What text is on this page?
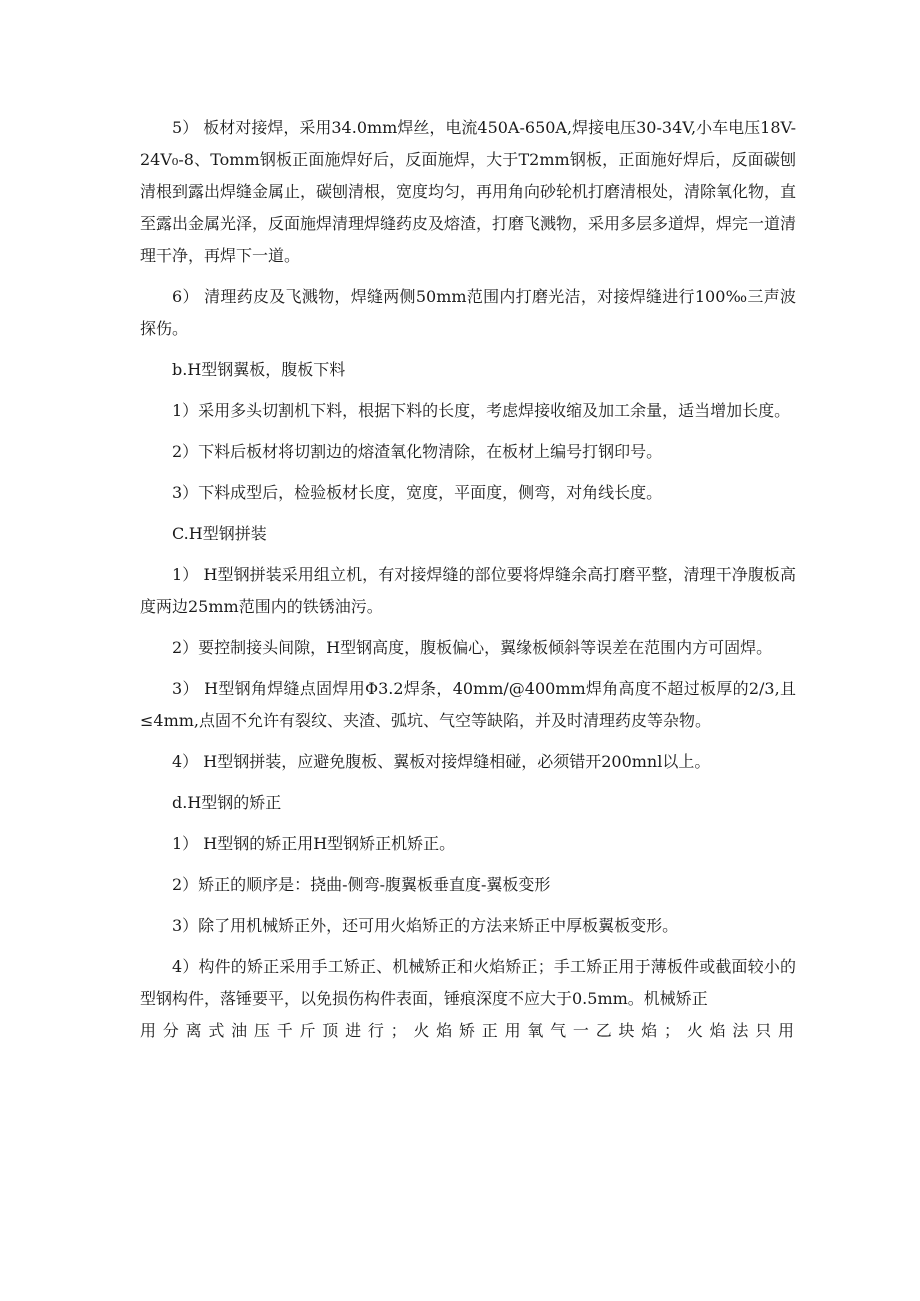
5） 板材对接焊，采用34.0mm焊丝，电流450A-650A,焊接电压30-34V,小车电压18V-24V₀-8、Tomm钢板正面施焊好后，反面施焊，大于T2mm钢板，正面施好焊后，反面碳刨清根到露出焊缝金属止，碳刨清根，宽度均匀，再用角向砂轮机打磨清根处，清除氧化物，直至露出金属光泽，反面施焊清理焊缝药皮及熔渣，打磨飞溅物，采用多层多道焊，焊完一道清理干净，再焊下一道。

6） 清理药皮及飞溅物，焊缝两侧50mm范围内打磨光洁，对接焊缝进行100‰三声波探伤。

b.H型钢翼板，腹板下料

1）采用多头切割机下料，根据下料的长度，考虑焊接收缩及加工余量，适当增加长度。

2）下料后板材将切割边的熔渣氧化物清除，在板材上编号打钢印号。

3）下料成型后，检验板材长度，宽度，平面度，侧弯，对角线长度。

C.H型钢拼装

1） H型钢拼装采用组立机，有对接焊缝的部位要将焊缝余高打磨平整，清理干净腹板高度两边25mm范围内的铁锈油污。

2）要控制接头间隙，H型钢高度，腹板偏心，翼缘板倾斜等误差在范围内方可固焊。

3） H型钢角焊缝点固焊用Φ3.2焊条，40mm/@400mm焊角高度不超过板厚的2/3,且≤4mm,点固不允许有裂纹、夹渣、弧坑、气空等缺陷，并及时清理药皮等杂物。

4） H型钢拼装，应避免腹板、翼板对接焊缝相碰，必须错开200mnl以上。

d.H型钢的矫正

1） H型钢的矫正用H型钢矫正机矫正。

2）矫正的顺序是：挠曲-侧弯-腹翼板垂直度-翼板变形

3）除了用机械矫正外，还可用火焰矫正的方法来矫正中厚板翼板变形。

4）构件的矫正采用手工矫正、机械矫正和火焰矫正；手工矫正用于薄板件或截面较小的型钢构件，落锤要平，以免损伤构件表面，锤痕深度不应大于0.5mm。机械矫正

用分离式油压千斤顶进行；火焰矫正用氧气一乙块焰；火焰法只用
